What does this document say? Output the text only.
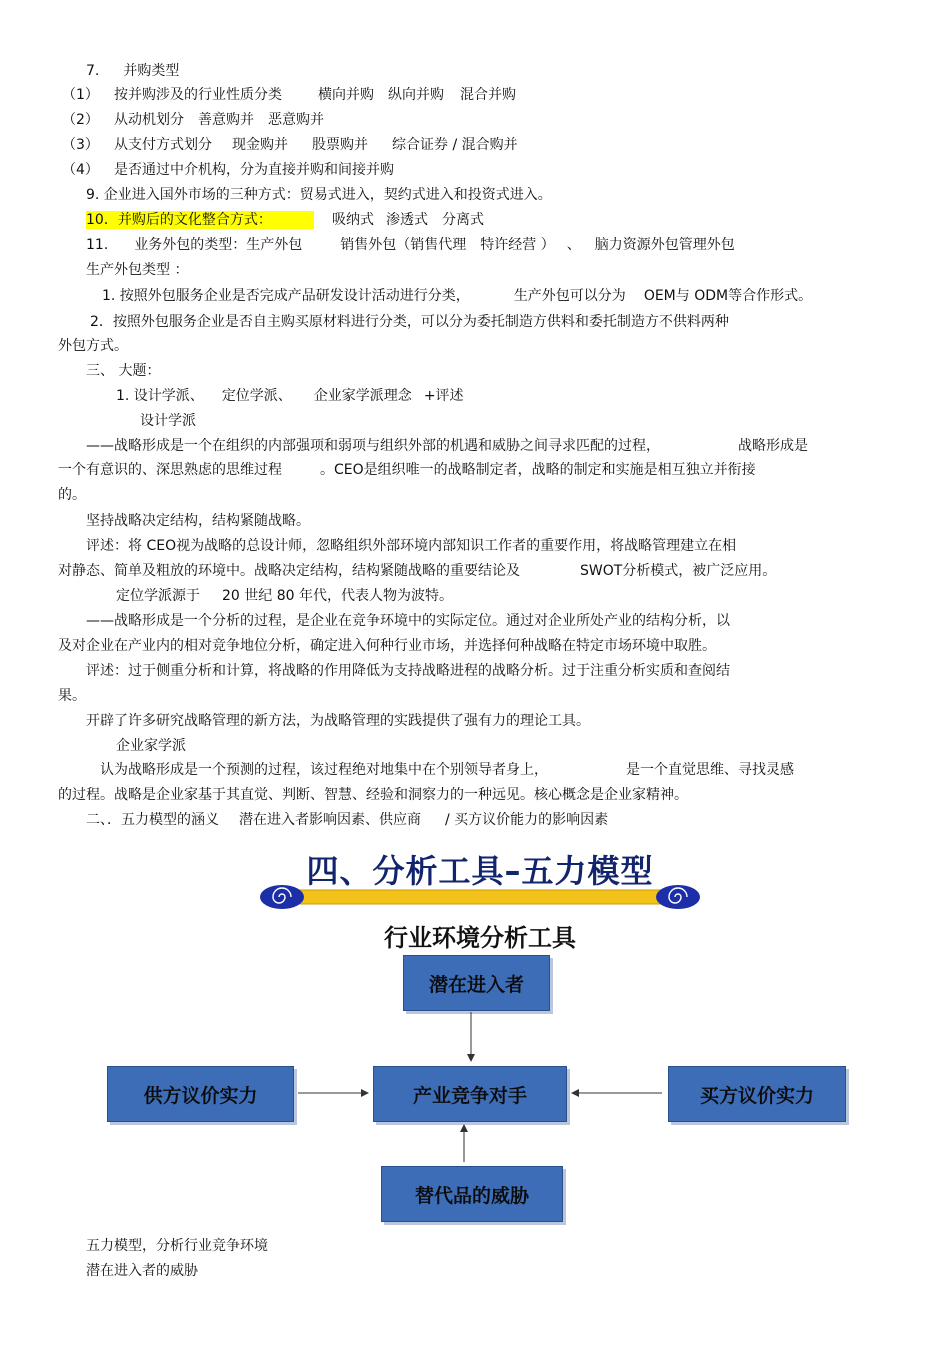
7. 并购类型
（1） 按并购涉及的行业性质分类	横向并购 纵向并购 混合并购
（2） 从动机划分 善意购并 恶意购并
（3） 从支付方式划分 现金购并 股票购并 综合证券 / 混合购并
（4） 是否通过中介机构，分为直接并购和间接并购
9. 企业进入国外市场的三种方式：贸易式进入，契约式进入和投资式进入。
10．并购后的文化整合方式：	吸纳式 渗透式 分离式
11. 业务外包的类型：生产外包	销售外包（销售代理 特许经营 ） 、 脑力资源外包管理外包
生产外包类型 ：
1. 按照外包服务企业是否完成产品研发设计活动进行分类，	生产外包可以分为 OEM与 ODM等合作形式。
2．按照外包服务企业是否自主购买原材料进行分类，可以分为委托制造方供料和委托制造方不供料两种
外包方式。
三、 大题：
1. 设计学派、 定位学派、 企业家学派理念 +评述
设计学派
——战略形成是一个在组织的内部强项和弱项与组织外部的机遇和威胁之间寻求匹配的过程，	战略形成是
一个有意识的、深思熟虑的思维过程	。CEO是组织唯一的战略制定者，战略的制定和实施是相互独立并衔接
的。
坚持战略决定结构，结构紧随战略。
评述：将 CEO视为战略的总设计师，忽略组织外部环境内部知识工作者的重要作用，将战略管理建立在相
对静态、简单及粗放的环境中。战略决定结构，结构紧随战略的重要结论及	SWOT分析模式，被广泛应用。
定位学派源于 20 世纪 80 年代，代表人物为波特。
——战略形成是一个分析的过程，是企业在竞争环境中的实际定位。通过对企业所处产业的结构分析，以
及对企业在产业内的相对竞争地位分析，确定进入何种行业市场，并选择何种战略在特定市场环境中取胜。
评述：过于侧重分析和计算，将战略的作用降低为支持战略进程的战略分析。过于注重分析实质和查阅结
果。
开辟了许多研究战略管理的新方法，为战略管理的实践提供了强有力的理论工具。
企业家学派
认为战略形成是一个预测的过程，该过程绝对地集中在个别领导者身上，	是一个直觉思维、寻找灵感
的过程。战略是企业家基于其直觉、判断、智慧、经验和洞察力的一种远见。核心概念是企业家精神。
二、．五力模型的涵义 潜在进入者影响因素、供应商 / 买方议价能力的影响因素
四、分析工具–五力模型
行业环境分析工具
潜在进入者
供方议价实力	产业竞争对手	买方议价实力
替代品的威胁
五力模型，分析行业竞争环境
潜在进入者的威胁
